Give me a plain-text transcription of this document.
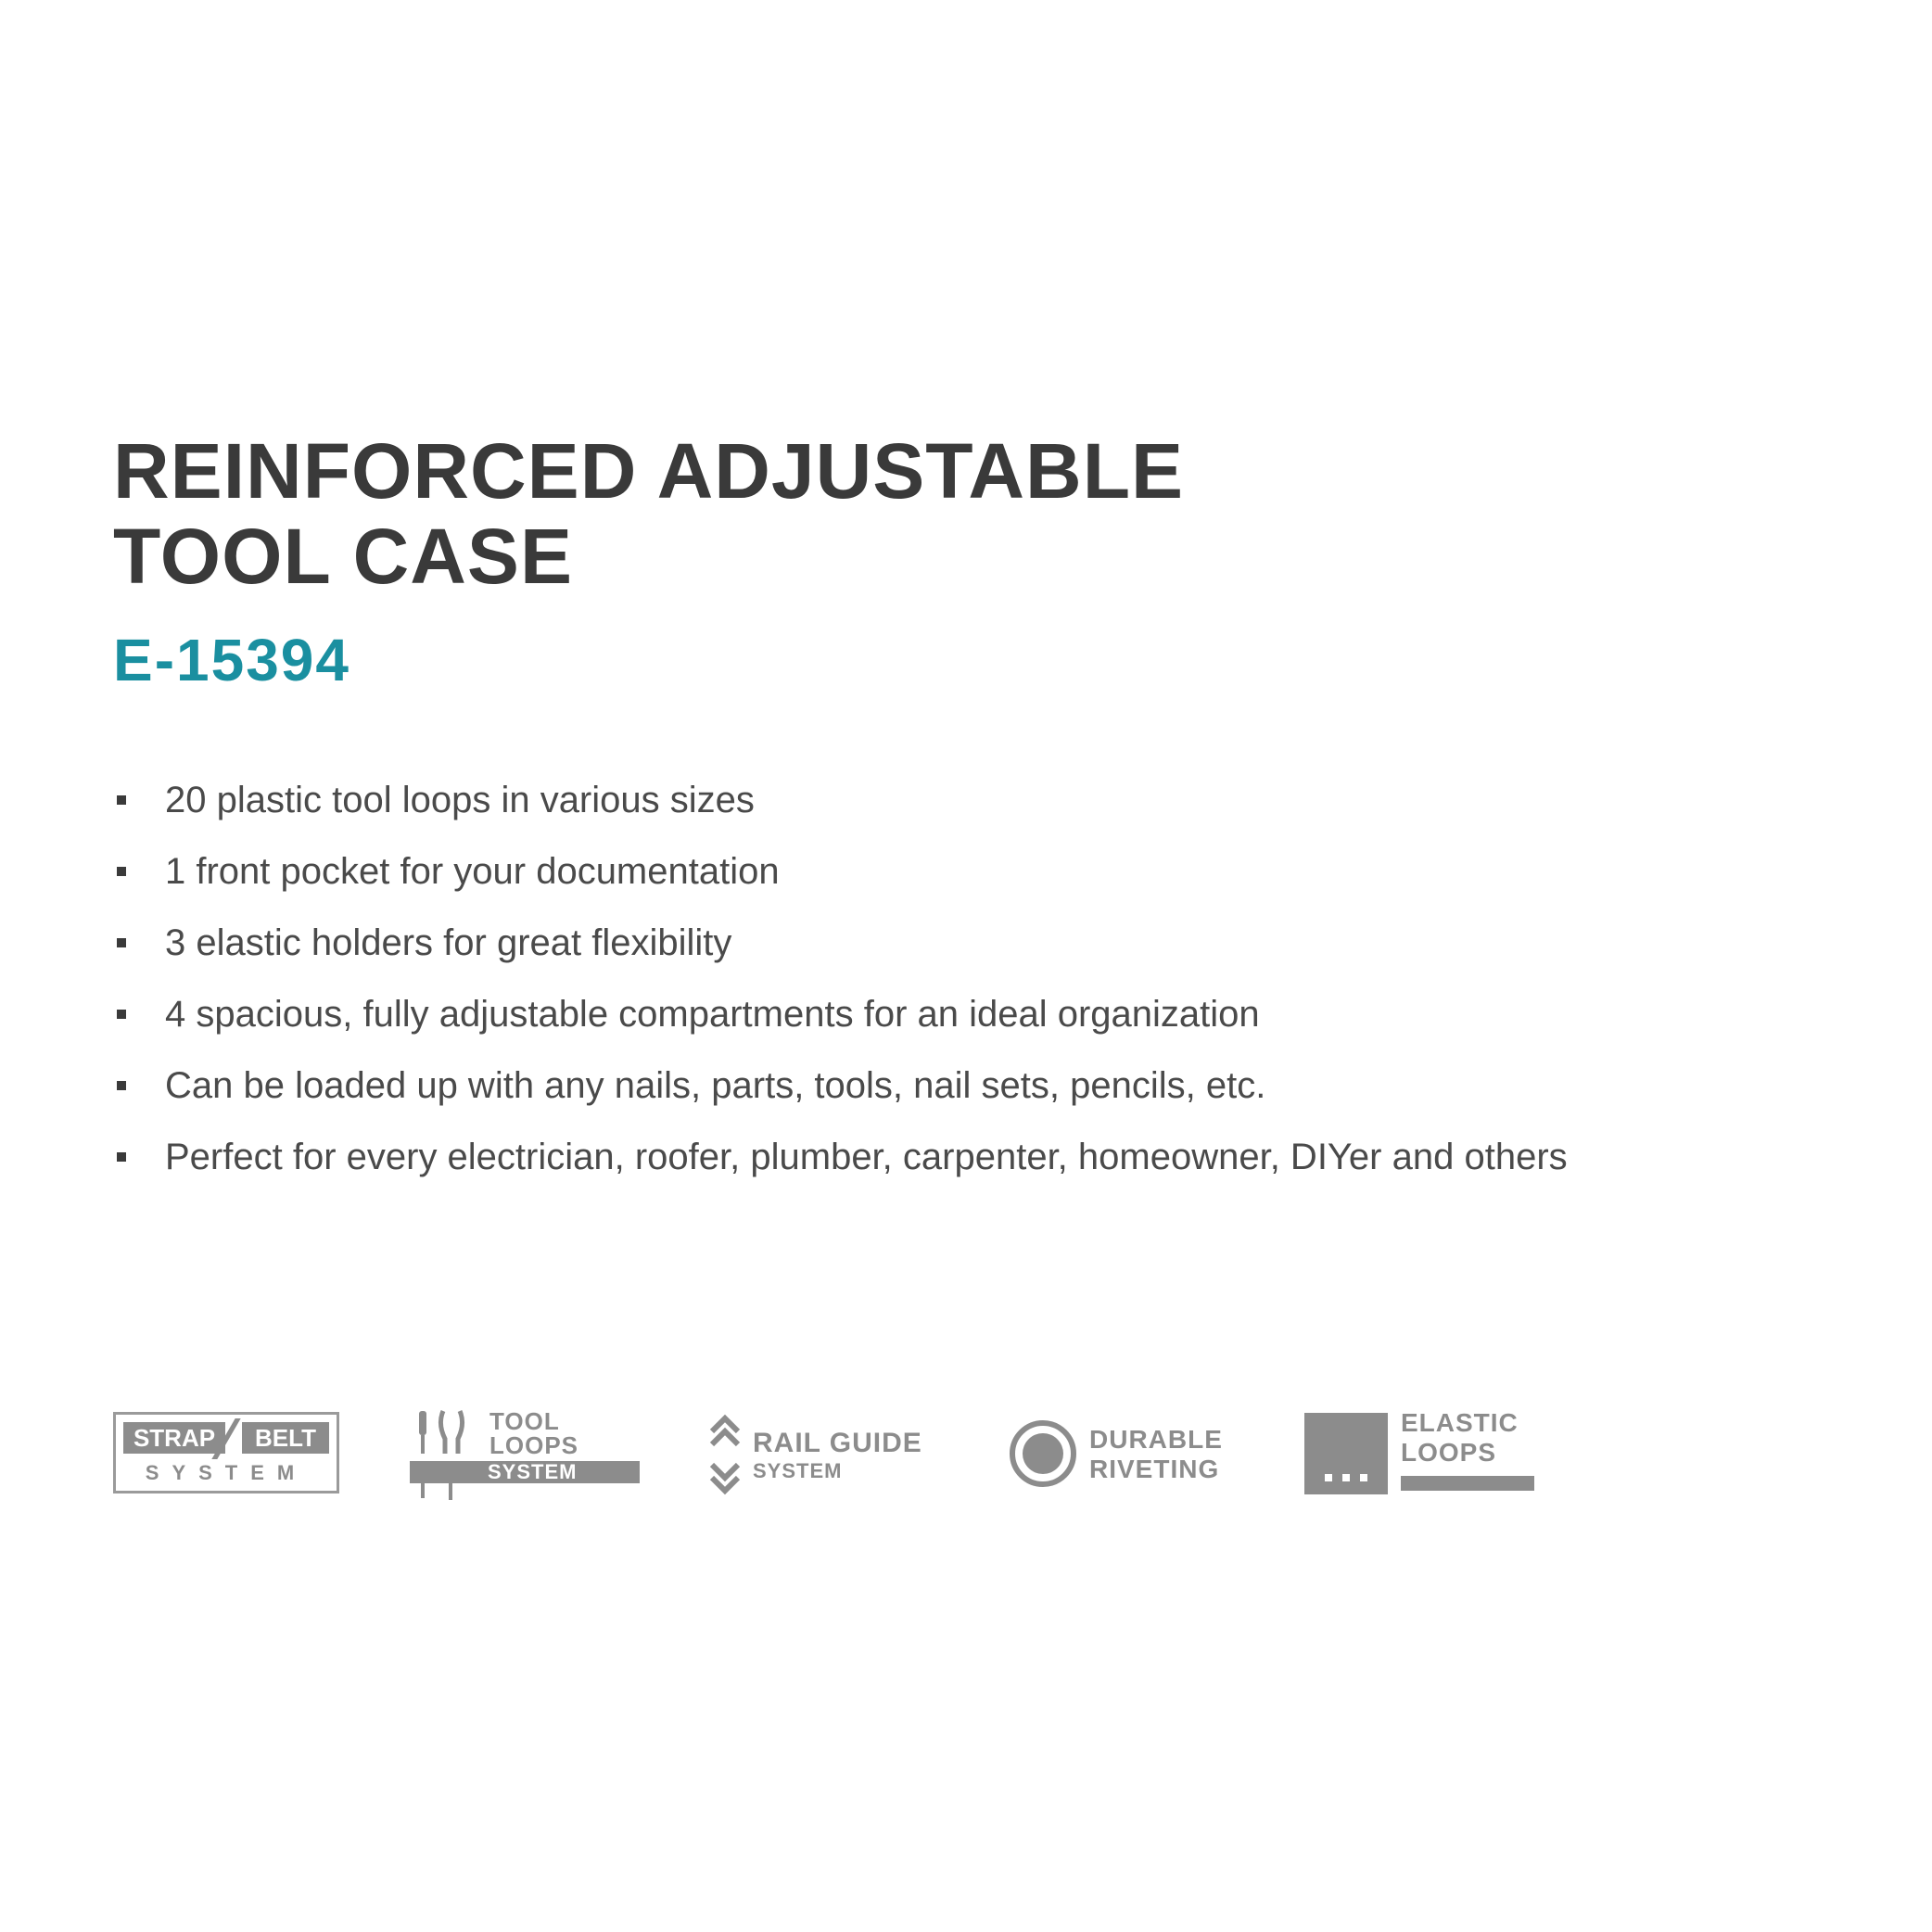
REINFORCED ADJUSTABLE
TOOL CASE
E-15394
20 plastic tool loops in various sizes
1 front pocket for your documentation
3 elastic holders for great flexibility
4 spacious, fully adjustable compartments for an ideal organization
Can be loaded up with any nails, parts, tools, nail sets, pencils, etc.
Perfect for every electrician, roofer, plumber, carpenter, homeowner, DIYer and others
STRAP	BELT
SYSTEM
TOOL
LOOPS
SYSTEM
RAIL GUIDE
SYSTEM
DURABLE
RIVETING
ELASTIC
LOOPS
